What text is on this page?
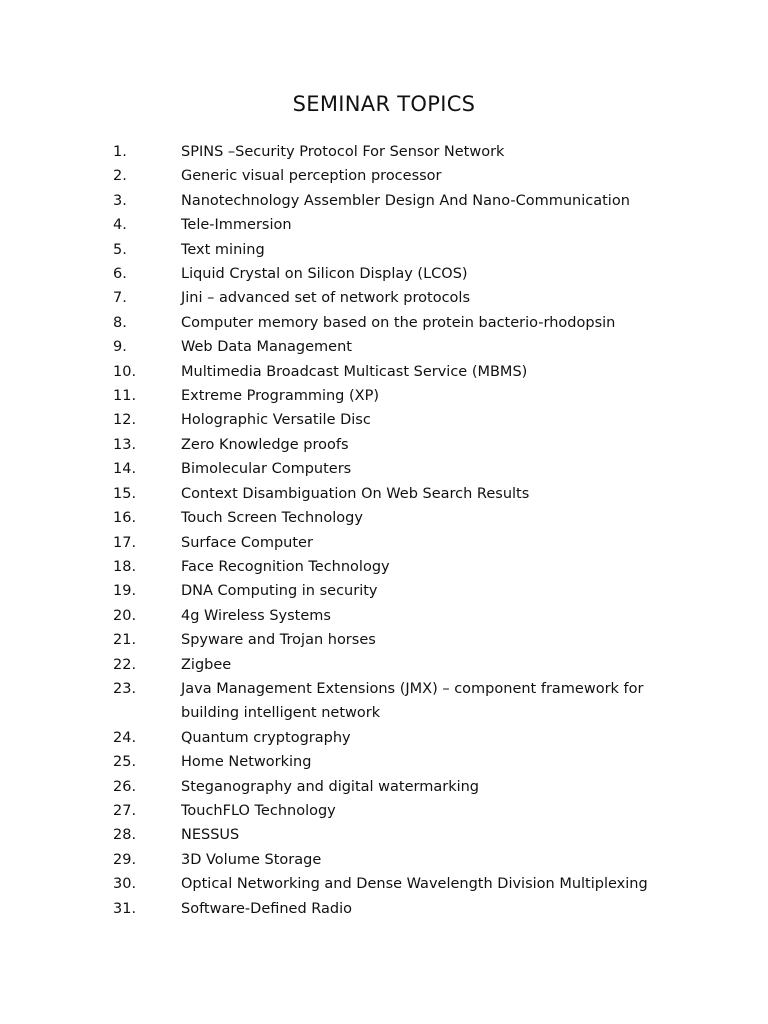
SEMINAR TOPICS
1.	SPINS –Security Protocol For Sensor Network
2.	Generic visual perception processor
3.	Nanotechnology Assembler Design And Nano-Communication
4.	Tele-Immersion
5.	Text mining
6.	Liquid Crystal on Silicon Display (LCOS)
7.	Jini – advanced set of network protocols
8.	Computer memory based on the protein bacterio-rhodopsin
9.	Web Data Management
10.	Multimedia Broadcast Multicast Service (MBMS)
11.	Extreme Programming (XP)
12.	Holographic Versatile Disc
13.	Zero Knowledge proofs
14.	Bimolecular Computers
15.	Context Disambiguation On Web Search Results
16.	Touch Screen Technology
17.	Surface Computer
18.	Face Recognition Technology
19.	DNA Computing in security
20.	4g Wireless Systems
21.	Spyware and Trojan horses
22.	Zigbee
23.	Java Management Extensions (JMX) – component framework for building intelligent network
24.	Quantum cryptography
25.	Home Networking
26.	Steganography and digital watermarking
27.	TouchFLO Technology
28.	NESSUS
29.	3D Volume Storage
30.	Optical Networking and Dense Wavelength Division Multiplexing
31.	Software-Defined Radio
